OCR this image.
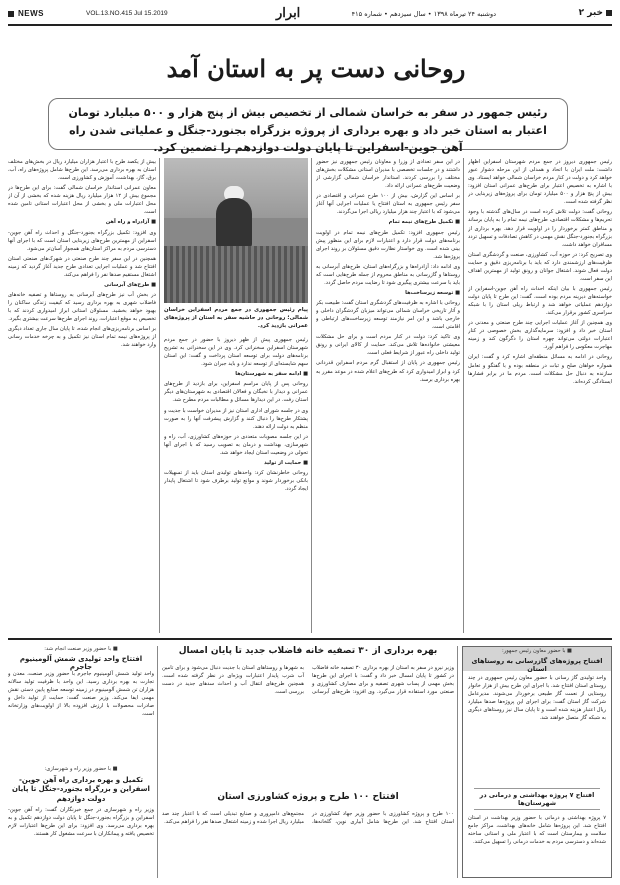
NEWS	VOL.13.NO.415 Jul 15.2019	ابرار	دوشنبه ۲۴ تیرماه ۱۳۹۸ • سال سیزدهم • شماره ۴۱۵	خبر ۲
روحانی دست پر به استان آمد
رئیس جمهور در سفر به خراسان شمالی از تخصیص بیش از پنج هزار و ۵۰۰ میلیارد تومان اعتبار به استان خبر داد و بهره برداری از پروژه بزرگراه بجنورد-جنگل و عملیاتی شدن راه آهن جوین-اسفراین تا پایان دولت دوازدهم را تضمین کرد.

رئیس جمهوری دیروز در جمع مردم شهرستان اسفراین اظهار داشت: ملت ایران با اتحاد و همدلی از این مرحله دشوار عبور خواهد کرد و دولت در کنار مردم خراسان شمالی خواهد ایستاد. وی با اشاره به تخصیص اعتبار برای طرح‌های عمرانی استان افزود: بیش از پنج هزار و ۵۰۰ میلیارد تومان برای پروژه‌های زیربنایی در نظر گرفته شده است.

روحانی گفت: دولت تلاش کرده است در سال‌های گذشته با وجود تحریم‌ها و مشکلات اقتصادی، طرح‌های نیمه تمام را به پایان برساند و مناطق کمتر برخوردار را در اولویت قرار دهد. بهره برداری از بزرگراه بجنورد-جنگل نقش مهمی در کاهش تصادفات و تسهیل تردد مسافران خواهد داشت.

وی تصریح کرد: در حوزه آب، کشاورزی، صنعت و گردشگری استان ظرفیت‌های ارزشمندی دارد که باید با برنامه‌ریزی دقیق و حمایت دولت فعال شوند. اشتغال جوانان و رونق تولید از مهمترین اهداف این سفر است.

رئیس جمهوری با بیان اینکه احداث راه آهن جوین-اسفراین از خواسته‌های دیرینه مردم بوده است، گفت: این طرح تا پایان دولت دوازدهم عملیاتی خواهد شد و ارتباط ریلی استان را با شبکه سراسری کشور برقرار می‌کند.

وی همچنین از آغاز عملیات اجرایی چند طرح صنعتی و معدنی در استان خبر داد و افزود: سرمایه‌گذاری بخش خصوصی در کنار اعتبارات دولتی می‌تواند چهره استان را دگرگون کند و زمینه مهاجرت معکوس را فراهم آورد.

روحانی در ادامه به مسائل منطقه‌ای اشاره کرد و گفت: ایران همواره خواهان صلح و ثبات در منطقه بوده و با گفتگو و تعامل سازنده به دنبال حل مشکلات است. مردم ما در برابر فشارها ایستادگی کرده‌اند.

در این سفر تعدادی از وزرا و معاونان رئیس جمهوری نیز حضور داشتند و در جلسات تخصصی با مدیران استانی مشکلات بخش‌های مختلف را بررسی کردند. استاندار خراسان شمالی گزارشی از وضعیت طرح‌های عمرانی ارائه داد.

بر اساس این گزارش، بیش از ۱۰۰ طرح عمرانی و اقتصادی در سفر رئیس جمهوری به استان افتتاح یا عملیات اجرایی آنها آغاز می‌شود که با اعتبار چند هزار میلیارد ریالی اجرا می‌گردند.

■ تکمیل طرح‌های نیمه تمام

رئیس جمهوری افزود: تکمیل طرح‌های نیمه تمام در اولویت برنامه‌های دولت قرار دارد و اعتبارات لازم برای این منظور پیش بینی شده است. وی خواستار نظارت دقیق مسئولان بر روند اجرای پروژه‌ها شد.

وی ادامه داد: آزادراه‌ها و بزرگراه‌های استان، طرح‌های آبرسانی به روستاها و گازرسانی به مناطق محروم از جمله طرح‌هایی است که باید با سرعت بیشتری پیگیری شود تا رضایت مردم حاصل گردد.

■ توسعه زیرساخت‌ها

روحانی با اشاره به ظرفیت‌های گردشگری استان گفت: طبیعت بکر و آثار تاریخی خراسان شمالی می‌تواند میزبان گردشگران داخلی و خارجی باشد و این امر نیازمند توسعه زیرساخت‌های ارتباطی و اقامتی است.

وی تاکید کرد: دولت در کنار مردم است و برای حل مشکلات معیشتی خانواده‌ها تلاش می‌کند. حمایت از کالای ایرانی و رونق تولید داخلی راه عبور از شرایط فعلی است.

رئیس جمهوری در پایان از استقبال گرم مردم اسفراین قدردانی کرد و ابراز امیدواری کرد که طرح‌های اعلام شده در موعد مقرر به بهره برداری برسد.

پیام رئیس جمهوری در جمع مردم اسفراین خراسان شمالی؛ روحانی در حاشیه سفر به استان از پروژه‌های عمرانی بازدید کرد.

رئیس جمهوری پیش از ظهر دیروز با حضور در جمع مردم شهرستان اسفراین سخنرانی کرد. وی در این سخنرانی به تشریح برنامه‌های دولت برای توسعه استان پرداخت و گفت: این استان سهم شایسته‌ای از توسعه ندارد و باید جبران شود.

■ ادامه سفر به شهرستان‌ها

روحانی پس از پایان مراسم اسفراین، برای بازدید از طرح‌های عمرانی و دیدار با نخبگان و فعالان اقتصادی به شهرستان‌های دیگر استان رفت. در این دیدارها مسائل و مطالبات مردم مطرح شد.

وی در جلسه شورای اداری استان نیز از مدیران خواست با جدیت و پشتکار طرح‌ها را دنبال کنند و گزارش پیشرفت آنها را به صورت منظم به دولت ارائه دهند.

در این جلسه مصوبات متعددی در حوزه‌های کشاورزی، آب، راه و شهرسازی، بهداشت و درمان به تصویب رسید که با اجرای آنها تحولی در وضعیت استان ایجاد خواهد شد.

■ حمایت از تولید

روحانی خاطرنشان کرد: واحدهای تولیدی استان باید از تسهیلات بانکی برخوردار شوند و موانع تولید برطرف شود تا اشتغال پایدار ایجاد گردد.

بیش از یکصد طرح با اعتبار هزاران میلیارد ریال در بخش‌های مختلف استان به بهره برداری می‌رسد. این طرح‌ها شامل پروژه‌های راه، آب، برق، گاز، بهداشت، آموزش و کشاورزی است.

معاون عمرانی استاندار خراسان شمالی گفت: برای این طرح‌ها در مجموع بیش از ۱۲ هزار میلیارد ریال هزینه شده که بخشی از آن از محل اعتبارات ملی و بخشی از محل اعتبارات استانی تامین شده است.

■ آزادراه و راه آهن

وی افزود: تکمیل بزرگراه بجنورد-جنگل و احداث راه آهن جوین-اسفراین از مهمترین طرح‌های زیربنایی استان است که با اجرای آنها دسترسی مردم به مراکز استان‌های همجوار آسان‌تر می‌شود.

همچنین در این سفر چند طرح صنعتی در شهرک‌های صنعتی استان افتتاح شد و عملیات اجرایی تعدادی طرح جدید آغاز گردید که زمینه اشتغال مستقیم صدها نفر را فراهم می‌کند.

■ طرح‌های آبرسانی

در بخش آب نیز طرح‌های آبرسانی به روستاها و تصفیه خانه‌های فاضلاب شهری به بهره برداری رسید که کیفیت زندگی ساکنان را بهبود خواهد بخشید. مسئولان استانی ابراز امیدواری کردند که با تخصیص به موقع اعتبارات، روند اجرای طرح‌ها سرعت بیشتری بگیرد.

بر اساس برنامه‌ریزی‌های انجام شده، تا پایان سال جاری تعداد دیگری از پروژه‌های نیمه تمام استان نیز تکمیل و به چرخه خدمات رسانی وارد خواهند شد.

■ با حضور معاون رئیس جمهور:
افتتاح پروژه‌های گازرسانی به روستاهای استان
واحد تولیدی گاز رسانی با حضور معاون رئیس جمهوری در چند روستای استان افتتاح شد. با اجرای این طرح بیش از هزار خانوار روستایی از نعمت گاز طبیعی برخوردار می‌شوند. مدیرعامل شرکت گاز استان گفت: برای اجرای این پروژه‌ها صدها میلیارد ریال اعتبار هزینه شده است و تا پایان سال نیز روستاهای دیگری به شبکه گاز متصل خواهند شد.
افتتاح ۷ پروژه بهداشتی و درمانی در شهرستان‌ها
۷ پروژه بهداشتی و درمانی با حضور وزیر بهداشت در استان افتتاح شد. این پروژه‌ها شامل خانه‌های بهداشت، مراکز جامع سلامت و بیمارستان است که با اعتبار ملی و استانی ساخته شده‌اند و دسترسی مردم به خدمات درمانی را تسهیل می‌کنند.
بهره برداری از ۳۰ تصفیه خانه فاضلاب جدید تا پایان امسال
وزیر نیرو در سفر به استان از بهره برداری ۳۰ تصفیه خانه فاضلاب در کشور تا پایان امسال خبر داد و گفت: با اجرای این طرح‌ها بخش مهمی از پساب شهری تصفیه و برای مصارف کشاورزی و صنعتی مورد استفاده قرار می‌گیرد. وی افزود: طرح‌های آبرسانی به شهرها و روستاهای استان با جدیت دنبال می‌شود و برای تامین آب شرب پایدار اعتبارات ویژه‌ای در نظر گرفته شده است. همچنین طرح‌های انتقال آب و احداث سدهای جدید در دست بررسی است.
افتتاح ۱۰۰ طرح و پروژه کشاورزی استان
۱۰۰ طرح و پروژه کشاورزی با حضور وزیر جهاد کشاورزی در استان افتتاح شد. این طرح‌ها شامل آبیاری نوین، گلخانه‌ها، مجتمع‌های دامپروری و صنایع تبدیلی است که با اعتبار چند صد میلیارد ریال اجرا شده و زمینه اشتغال صدها نفر را فراهم می‌کند.
■ با حضور وزیر صنعت انجام شد:
افتتاح واحد تولیدی شمش آلومینیوم جاجرم
واحد تولید شمش آلومینیوم جاجرم با حضور وزیر صنعت، معدن و تجارت به بهره برداری رسید. این واحد با ظرفیت تولید سالانه هزاران تن شمش آلومینیوم در زمینه توسعه صنایع پایین دستی نقش مهمی ایفا می‌کند. وزیر صنعت گفت: حمایت از تولید داخل و صادرات محصولات با ارزش افزوده بالا از اولویت‌های وزارتخانه است.
■ با حضور وزیر راه و شهرسازی:
تکمیل و بهره برداری راه آهن جوین-اسفراین و بزرگراه بجنورد-جنگل تا پایان دولت دوازدهم
وزیر راه و شهرسازی در جمع خبرنگاران گفت: راه آهن جوین-اسفراین و بزرگراه بجنورد-جنگل تا پایان دولت دوازدهم تکمیل و به بهره برداری می‌رسد. وی افزود: برای این طرح‌ها اعتبارات لازم تخصیص یافته و پیمانکاران با سرعت مشغول کار هستند.
